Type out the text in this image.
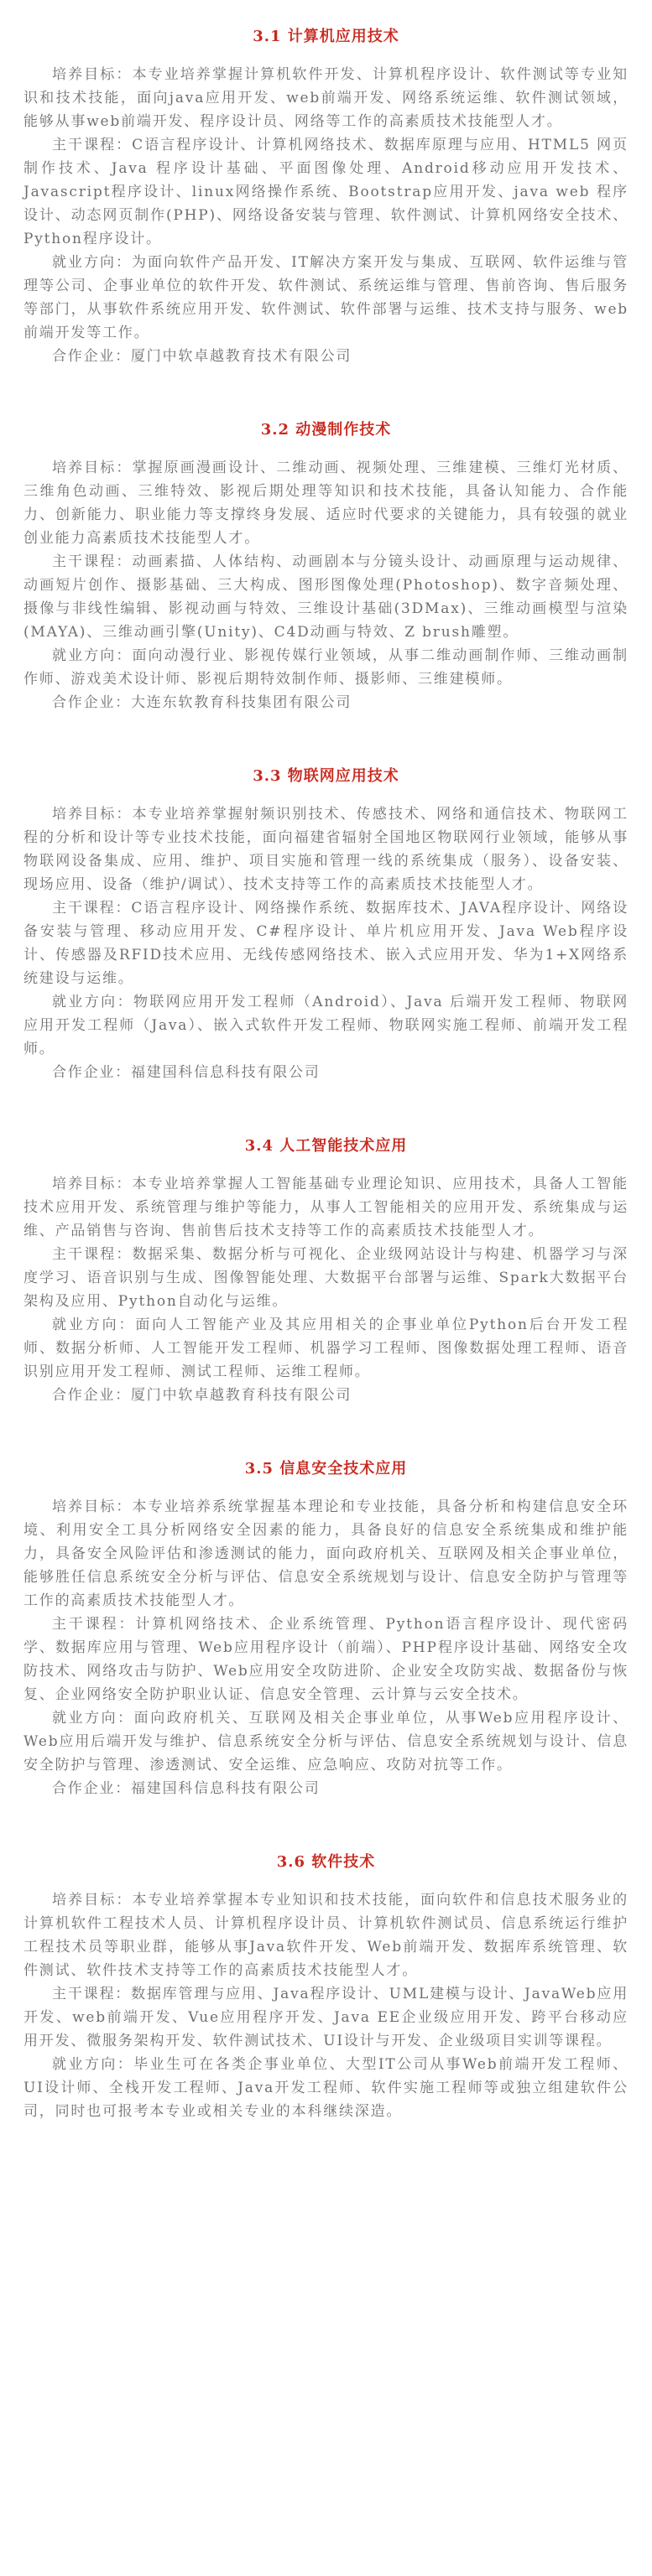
3.1 计算机应用技术

培养目标：本专业培养掌握计算机软件开发、计算机程序设计、软件测试等专业知识和技术技能，面向java应用开发、web前端开发、网络系统运维、软件测试领域，能够从事web前端开发、程序设计员、网络等工作的高素质技术技能型人才。

主干课程：C语言程序设计、计算机网络技术、数据库原理与应用、HTML5 网页制作技术、Java 程序设计基础、平面图像处理、Android移动应用开发技术、Javascript程序设计、linux网络操作系统、Bootstrap应用开发、java web 程序设计、动态网页制作(PHP)、网络设备安装与管理、软件测试、计算机网络安全技术、Python程序设计。

就业方向：为面向软件产品开发、IT解决方案开发与集成、互联网、软件运维与管理等公司、企事业单位的软件开发、软件测试、系统运维与管理、售前咨询、售后服务等部门，从事软件系统应用开发、软件测试、软件部署与运维、技术支持与服务、web前端开发等工作。

合作企业：厦门中软卓越教育技术有限公司

3.2 动漫制作技术

培养目标：掌握原画漫画设计、二维动画、视频处理、三维建模、三维灯光材质、三维角色动画、三维特效、影视后期处理等知识和技术技能，具备认知能力、合作能力、创新能力、职业能力等支撑终身发展、适应时代要求的关键能力，具有较强的就业创业能力高素质技术技能型人才。

主干课程：动画素描、人体结构、动画剧本与分镜头设计、动画原理与运动规律、动画短片创作、摄影基础、三大构成、图形图像处理(Photoshop)、数字音频处理、摄像与非线性编辑、影视动画与特效、三维设计基础(3DMax)、三维动画模型与渲染(MAYA)、三维动画引擎(Unity)、C4D动画与特效、Z brush雕塑。

就业方向：面向动漫行业、影视传媒行业领域，从事二维动画制作师、三维动画制作师、游戏美术设计师、影视后期特效制作师、摄影师、三维建模师。

合作企业：大连东软教育科技集团有限公司

3.3 物联网应用技术

培养目标：本专业培养掌握射频识别技术、传感技术、网络和通信技术、物联网工程的分析和设计等专业技术技能，面向福建省辐射全国地区物联网行业领域，能够从事物联网设备集成、应用、维护、项目实施和管理一线的系统集成（服务）、设备安装、现场应用、设备（维护/调试）、技术支持等工作的高素质技术技能型人才。

主干课程：C语言程序设计、网络操作系统、数据库技术、JAVA程序设计、网络设备安装与管理、移动应用开发、C#程序设计、单片机应用开发、Java Web程序设计、传感器及RFID技术应用、无线传感网络技术、嵌入式应用开发、华为1+X网络系统建设与运维。

就业方向：物联网应用开发工程师（Android）、Java 后端开发工程师、物联网应用开发工程师（Java）、嵌入式软件开发工程师、物联网实施工程师、前端开发工程师。

合作企业：福建国科信息科技有限公司

3.4 人工智能技术应用

培养目标：本专业培养掌握人工智能基础专业理论知识、应用技术，具备人工智能技术应用开发、系统管理与维护等能力，从事人工智能相关的应用开发、系统集成与运维、产品销售与咨询、售前售后技术支持等工作的高素质技术技能型人才。

主干课程：数据采集、数据分析与可视化、企业级网站设计与构建、机器学习与深度学习、语音识别与生成、图像智能处理、大数据平台部署与运维、Spark大数据平台架构及应用、Python自动化与运维。

就业方向：面向人工智能产业及其应用相关的企事业单位Python后台开发工程师、数据分析师、人工智能开发工程师、机器学习工程师、图像数据处理工程师、语音识别应用开发工程师、测试工程师、运维工程师。

合作企业：厦门中软卓越教育科技有限公司

3.5 信息安全技术应用

培养目标：本专业培养系统掌握基本理论和专业技能，具备分析和构建信息安全环境、利用安全工具分析网络安全因素的能力，具备良好的信息安全系统集成和维护能力，具备安全风险评估和渗透测试的能力，面向政府机关、互联网及相关企事业单位，能够胜任信息系统安全分析与评估、信息安全系统规划与设计、信息安全防护与管理等工作的高素质技术技能型人才。

主干课程：计算机网络技术、企业系统管理、Python语言程序设计、现代密码学、数据库应用与管理、Web应用程序设计（前端）、PHP程序设计基础、网络安全攻防技术、网络攻击与防护、Web应用安全攻防进阶、企业安全攻防实战、数据备份与恢复、企业网络安全防护职业认证、信息安全管理、云计算与云安全技术。

就业方向：面向政府机关、互联网及相关企事业单位，从事Web应用程序设计、Web应用后端开发与维护、信息系统安全分析与评估、信息安全系统规划与设计、信息安全防护与管理、渗透测试、安全运维、应急响应、攻防对抗等工作。

合作企业：福建国科信息科技有限公司

3.6 软件技术

培养目标：本专业培养掌握本专业知识和技术技能，面向软件和信息技术服务业的计算机软件工程技术人员、计算机程序设计员、计算机软件测试员、信息系统运行维护工程技术员等职业群，能够从事Java软件开发、Web前端开发、数据库系统管理、软件测试、软件技术支持等工作的高素质技术技能型人才。

主干课程：数据库管理与应用、Java程序设计、UML建模与设计、JavaWeb应用开发、web前端开发、Vue应用程序开发、Java EE企业级应用开发、跨平台移动应用开发、微服务架构开发、软件测试技术、UI设计与开发、企业级项目实训等课程。

就业方向：毕业生可在各类企事业单位、大型IT公司从事Web前端开发工程师、UI设计师、全栈开发工程师、Java开发工程师、软件实施工程师等或独立组建软件公司，同时也可报考本专业或相关专业的本科继续深造。
